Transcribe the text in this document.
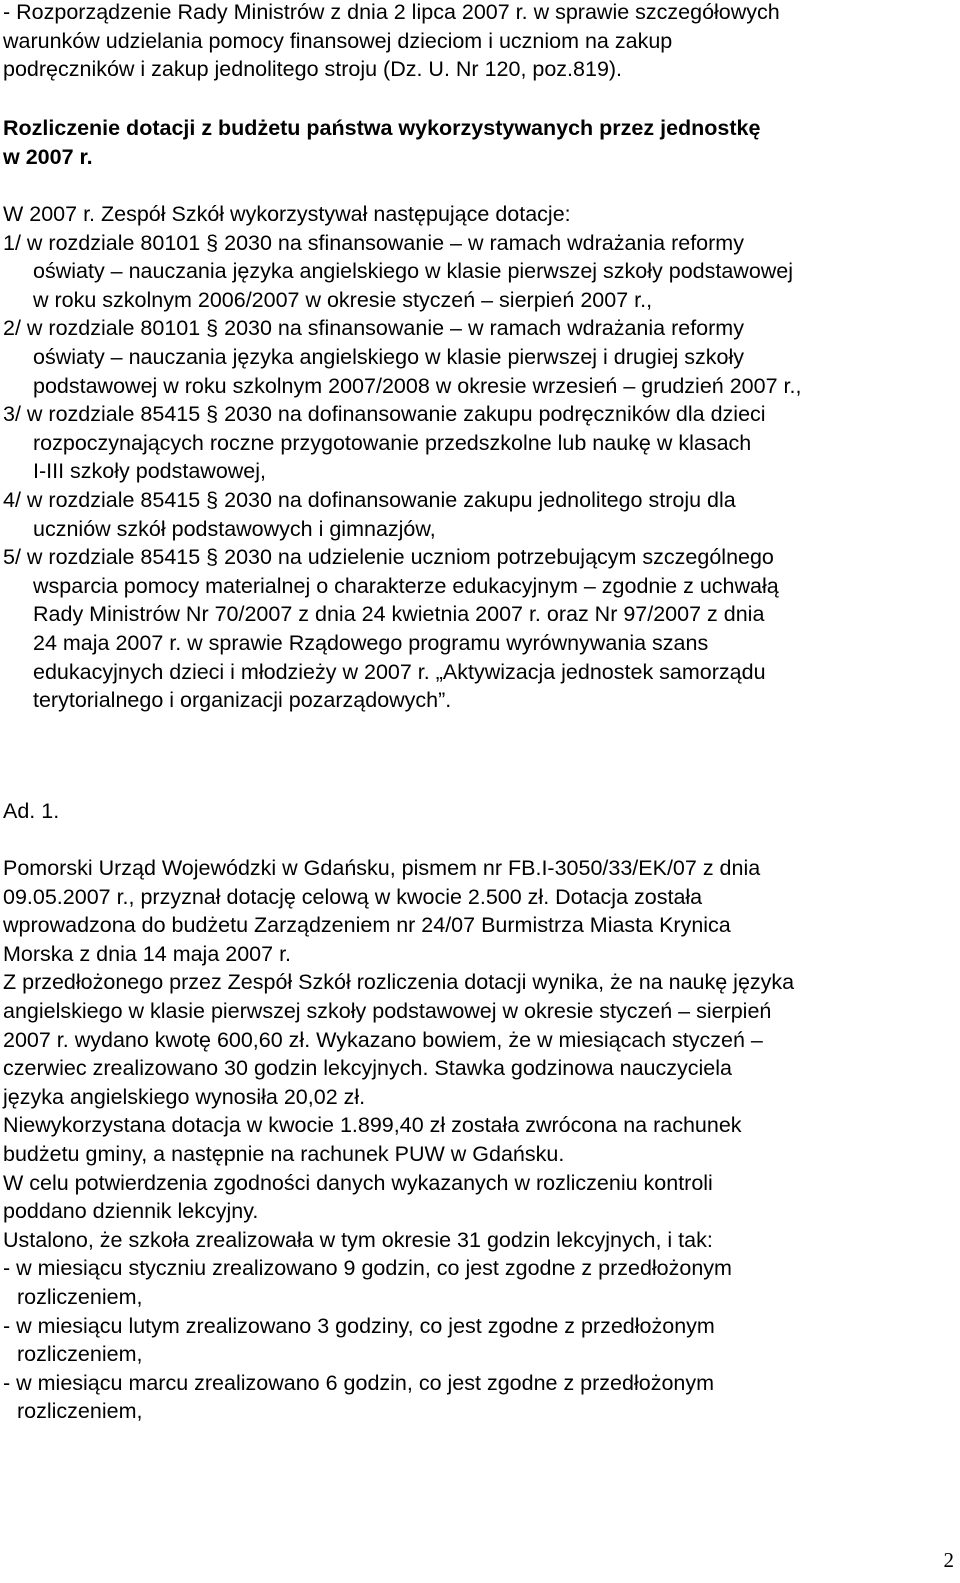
- Rozporządzenie Rady Ministrów z dnia 2 lipca 2007 r. w sprawie szczegółowych

warunków udzielania pomocy finansowej dzieciom i uczniom na zakup

podręczników i zakup jednolitego stroju (Dz. U. Nr 120, poz.819).

Rozliczenie dotacji z budżetu państwa wykorzystywanych przez jednostkę

w 2007 r.

W 2007 r. Zespół Szkół wykorzystywał następujące dotacje:

1/ w rozdziale 80101 § 2030 na sfinansowanie – w ramach wdrażania reformy

oświaty – nauczania języka angielskiego w klasie pierwszej szkoły podstawowej

w roku szkolnym 2006/2007 w okresie styczeń – sierpień 2007 r.,

2/ w rozdziale 80101 § 2030 na sfinansowanie – w ramach wdrażania reformy

oświaty – nauczania języka angielskiego w klasie pierwszej i drugiej szkoły

podstawowej w roku szkolnym 2007/2008 w okresie wrzesień – grudzień 2007 r.,

3/ w rozdziale 85415 § 2030 na dofinansowanie zakupu podręczników dla dzieci

rozpoczynających roczne przygotowanie przedszkolne lub naukę w klasach

I-III szkoły podstawowej,

4/ w rozdziale 85415 § 2030 na dofinansowanie zakupu jednolitego stroju dla

uczniów szkół podstawowych i gimnazjów,

5/ w rozdziale 85415 § 2030 na udzielenie uczniom potrzebującym szczególnego

wsparcia pomocy materialnej o charakterze edukacyjnym – zgodnie z uchwałą

Rady Ministrów Nr 70/2007 z dnia 24 kwietnia 2007 r. oraz Nr 97/2007 z dnia

24 maja 2007 r. w sprawie Rządowego programu wyrównywania szans

edukacyjnych dzieci i młodzieży w 2007 r. „Aktywizacja jednostek samorządu

terytorialnego i organizacji pozarządowych”.

Ad. 1.

Pomorski Urząd Wojewódzki w Gdańsku, pismem nr FB.I-3050/33/EK/07 z dnia

09.05.2007 r., przyznał dotację celową w kwocie 2.500 zł. Dotacja została

wprowadzona do budżetu Zarządzeniem nr 24/07 Burmistrza Miasta Krynica

Morska z dnia 14 maja 2007 r.

Z przedłożonego przez Zespół Szkół rozliczenia dotacji wynika, że na naukę języka

angielskiego w klasie pierwszej szkoły podstawowej w okresie styczeń – sierpień

2007 r. wydano kwotę 600,60 zł. Wykazano bowiem, że w miesiącach styczeń –

czerwiec zrealizowano 30 godzin lekcyjnych. Stawka godzinowa nauczyciela

języka angielskiego wynosiła 20,02 zł.

Niewykorzystana dotacja w kwocie 1.899,40 zł została zwrócona na rachunek

budżetu gminy, a następnie na rachunek PUW w Gdańsku.

W celu potwierdzenia zgodności danych wykazanych w rozliczeniu kontroli

poddano dziennik lekcyjny.

Ustalono, że szkoła zrealizowała w tym okresie 31 godzin lekcyjnych, i tak:

- w miesiącu styczniu zrealizowano 9 godzin, co jest zgodne z przedłożonym

rozliczeniem,

- w miesiącu lutym zrealizowano 3 godziny, co jest zgodne z przedłożonym

rozliczeniem,

- w miesiącu marcu zrealizowano 6 godzin, co jest zgodne z przedłożonym

rozliczeniem,

2
